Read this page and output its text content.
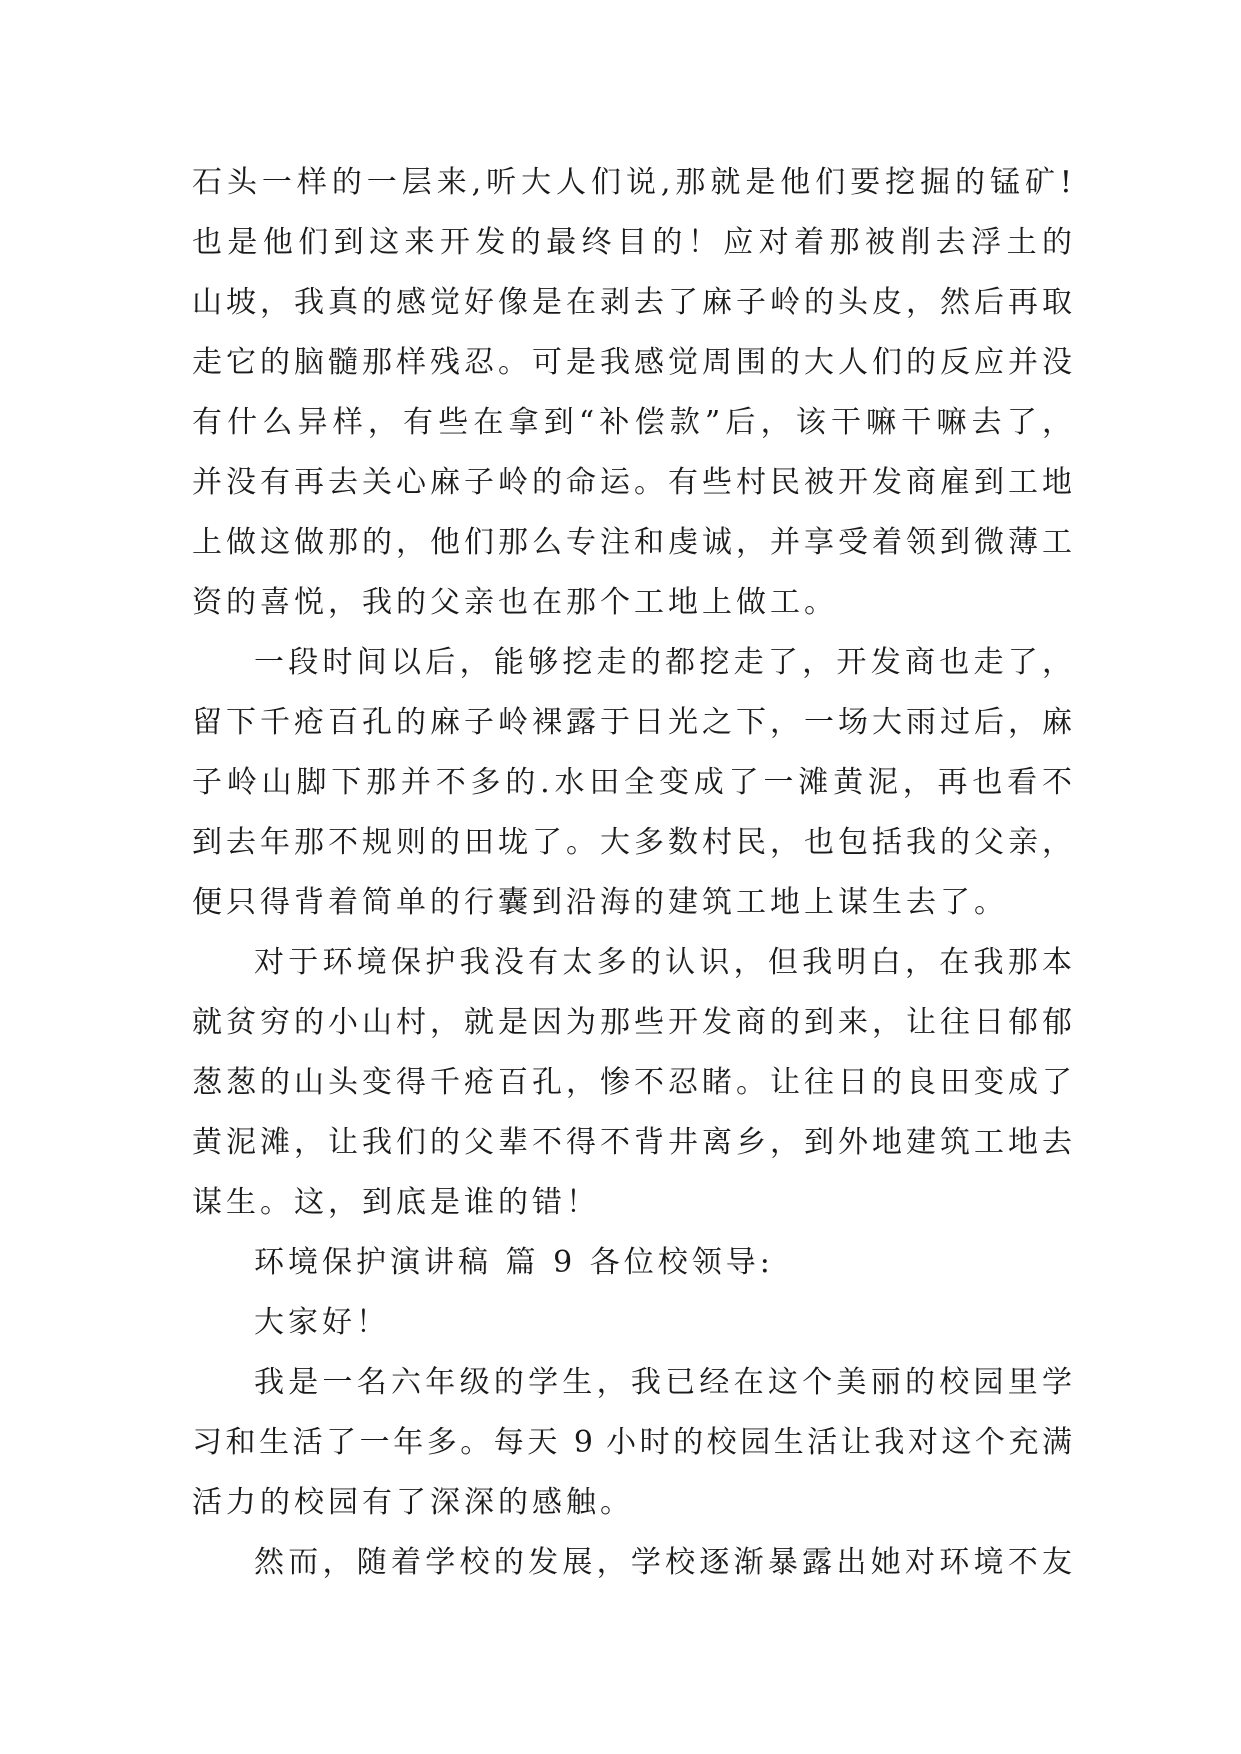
石头一样的一层来,听大人们说,那就是他们要挖掘的锰矿!
也是他们到这来开发的最终目的！应对着那被削去浮土的
山坡，我真的感觉好像是在剥去了麻子岭的头皮，然后再取
走它的脑髓那样残忍。可是我感觉周围的大人们的反应并没
有什么异样，有些在拿到“补偿款”后，该干嘛干嘛去了，
并没有再去关心麻子岭的命运。有些村民被开发商雇到工地
上做这做那的，他们那么专注和虔诚，并享受着领到微薄工
资的喜悦，我的父亲也在那个工地上做工。
一段时间以后，能够挖走的都挖走了，开发商也走了，
留下千疮百孔的麻子岭裸露于日光之下，一场大雨过后，麻
子岭山脚下那并不多的.水田全变成了一滩黄泥，再也看不
到去年那不规则的田垅了。大多数村民，也包括我的父亲，
便只得背着简单的行囊到沿海的建筑工地上谋生去了。
对于环境保护我没有太多的认识，但我明白，在我那本
就贫穷的小山村，就是因为那些开发商的到来，让往日郁郁
葱葱的山头变得千疮百孔，惨不忍睹。让往日的良田变成了
黄泥滩，让我们的父辈不得不背井离乡，到外地建筑工地去
谋生。这，到底是谁的错！
环境保护演讲稿 篇 9 各位校领导:
大家好！
我是一名六年级的学生，我已经在这个美丽的校园里学
习和生活了一年多。每天 9 小时的校园生活让我对这个充满
活力的校园有了深深的感触。
然而，随着学校的发展，学校逐渐暴露出她对环境不友
